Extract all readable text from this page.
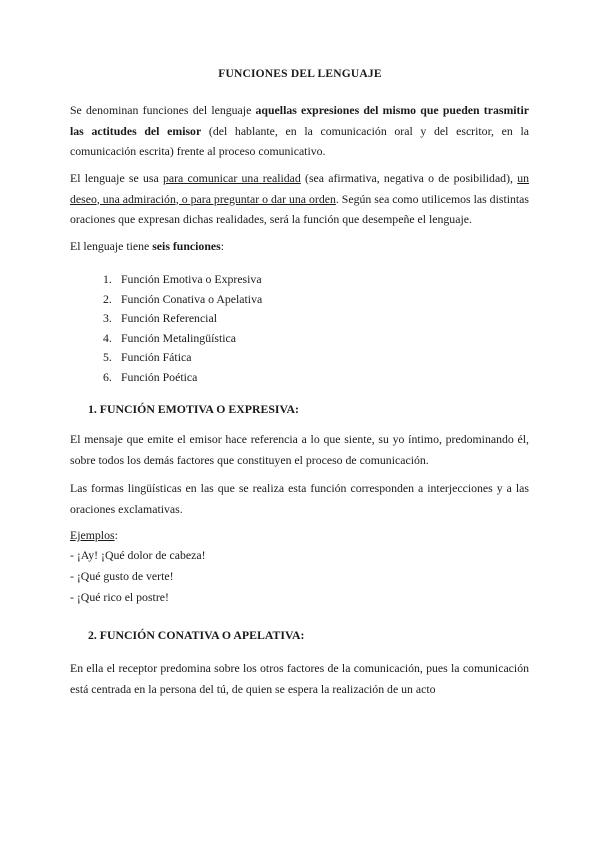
FUNCIONES DEL LENGUAJE
Se denominan funciones del lenguaje aquellas expresiones del mismo que pueden trasmitir las actitudes del emisor (del hablante, en la comunicación oral y del escritor, en la comunicación escrita) frente al proceso comunicativo.
El lenguaje se usa para comunicar una realidad (sea afirmativa, negativa o de posibilidad), un deseo, una admiración, o para preguntar o dar una orden. Según sea como utilicemos las distintas oraciones que expresan dichas realidades, será la función que desempeñe el lenguaje.
El lenguaje tiene seis funciones:
1. Función Emotiva o Expresiva
2. Función Conativa o Apelativa
3. Función Referencial
4. Función Metalingüística
5. Función Fática
6. Función Poética
1. FUNCIÓN EMOTIVA O EXPRESIVA:
El mensaje que emite el emisor hace referencia a lo que siente, su yo íntimo, predominando él, sobre todos los demás factores que constituyen el proceso de comunicación.
Las formas lingüísticas en las que se realiza esta función corresponden a interjecciones y a las oraciones exclamativas.
Ejemplos:
- ¡Ay! ¡Qué dolor de cabeza!
- ¡Qué gusto de verte!
- ¡Qué rico el postre!
2. FUNCIÓN CONATIVA O APELATIVA:
En ella el receptor predomina sobre los otros factores de la comunicación, pues la comunicación está centrada en la persona del tú, de quien se espera la realización de un acto
